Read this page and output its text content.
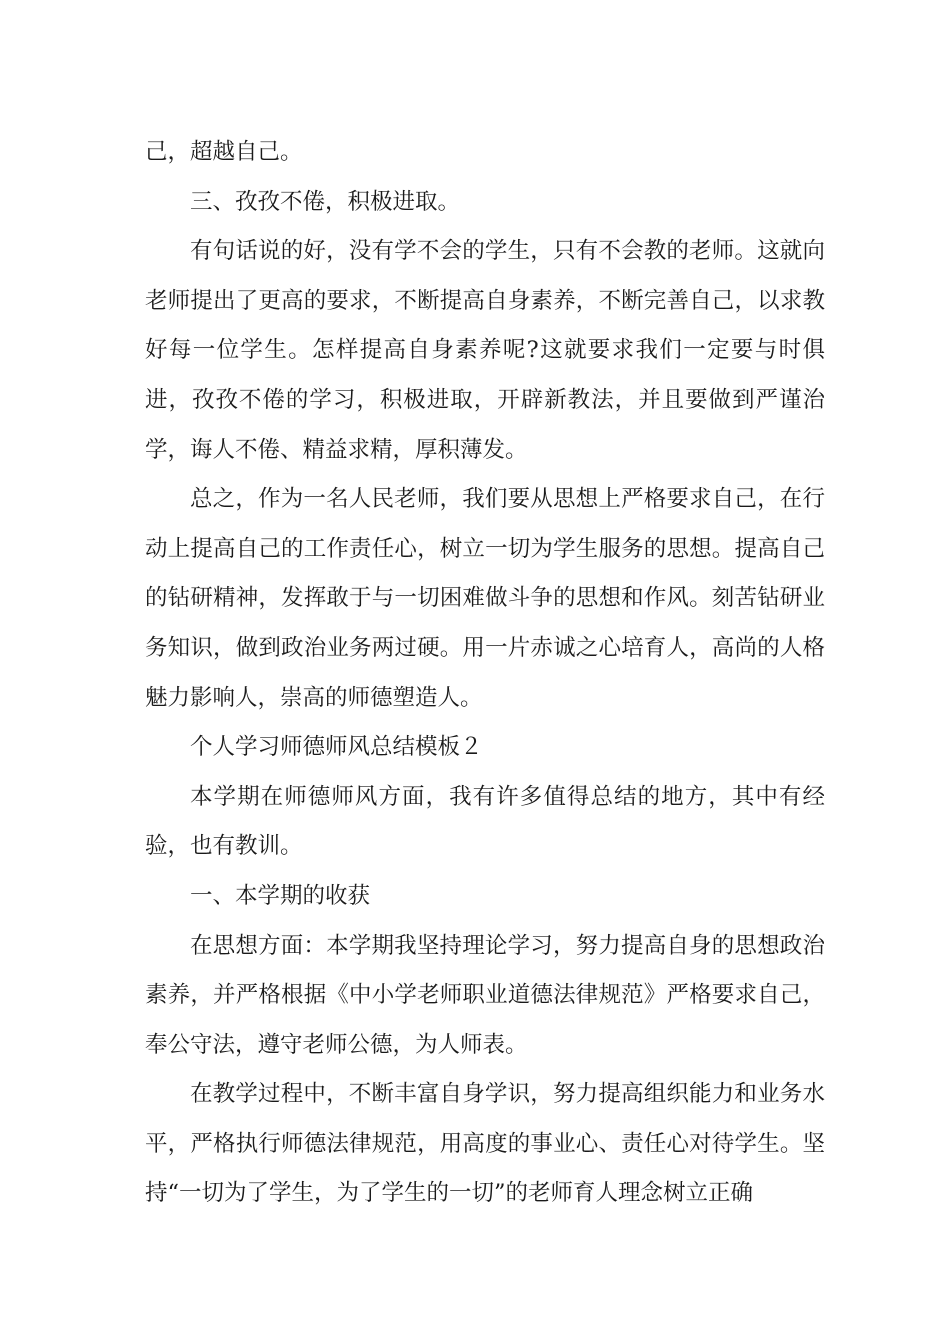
己，超越自己。

三、孜孜不倦，积极进取。

有句话说的好，没有学不会的学生，只有不会教的老师。这就向老师提出了更高的要求，不断提高自身素养，不断完善自己，以求教好每一位学生。怎样提高自身素养呢?这就要求我们一定要与时俱进，孜孜不倦的学习，积极进取，开辟新教法，并且要做到严谨治学，诲人不倦、精益求精，厚积薄发。

总之，作为一名人民老师，我们要从思想上严格要求自己，在行动上提高自己的工作责任心，树立一切为学生服务的思想。提高自己的钻研精神，发挥敢于与一切困难做斗争的思想和作风。刻苦钻研业务知识，做到政治业务两过硬。用一片赤诚之心培育人，高尚的人格魅力影响人，崇高的师德塑造人。

个人学习师德师风总结模板２

本学期在师德师风方面，我有许多值得总结的地方，其中有经验，也有教训。

一、本学期的收获

在思想方面：本学期我坚持理论学习，努力提高自身的思想政治素养，并严格根据《中小学老师职业道德法律规范》严格要求自己，奉公守法，遵守老师公德，为人师表。

在教学过程中，不断丰富自身学识，努力提高组织能力和业务水平，严格执行师德法律规范，用高度的事业心、责任心对待学生。坚持“一切为了学生，为了学生的一切”的老师育人理念树立正确
